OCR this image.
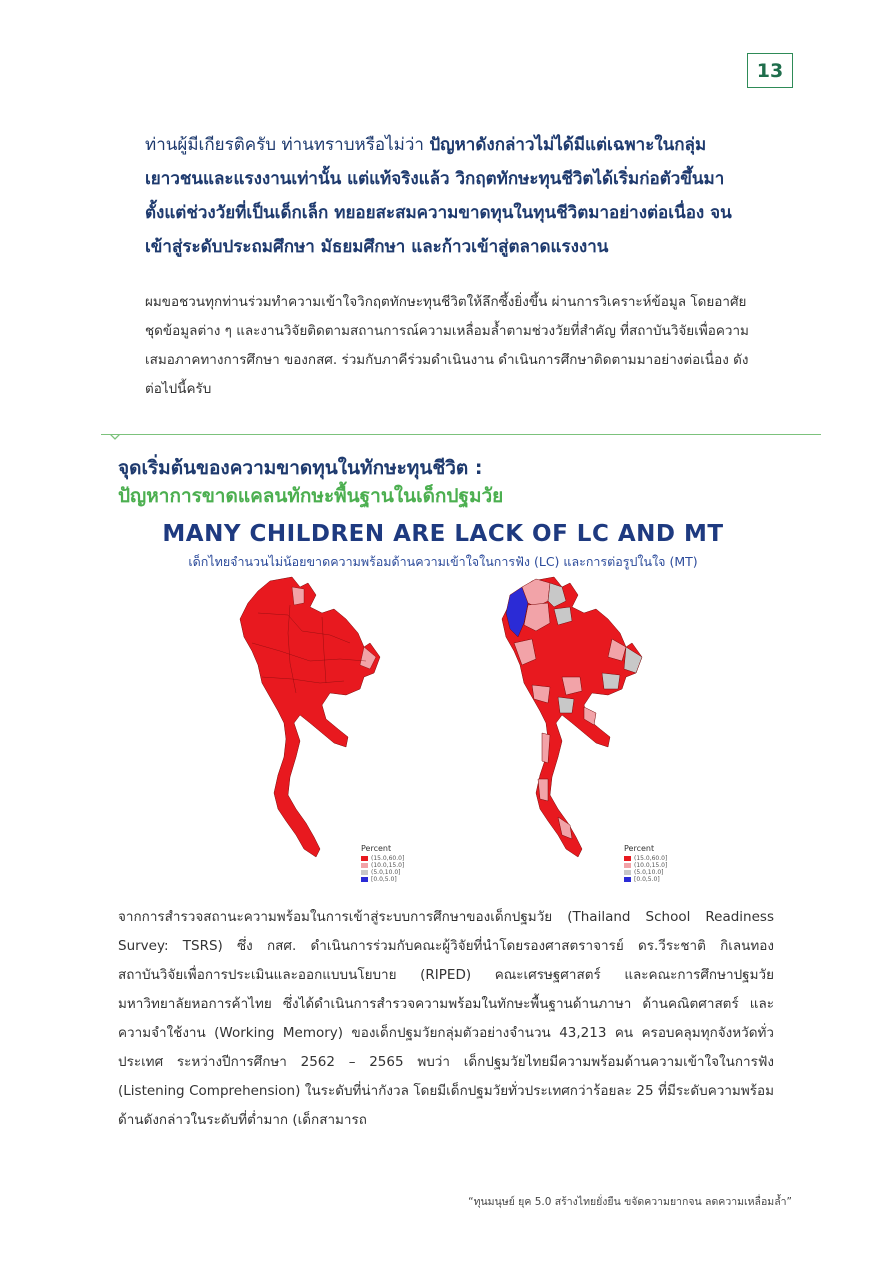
13
ท่านผู้มีเกียรติครับ ท่านทราบหรือไม่ว่า ปัญหาดังกล่าวไม่ได้มีแต่เฉพาะในกลุ่มเยาวชนและแรงงานเท่านั้น แต่แท้จริงแล้ว วิกฤตทักษะทุนชีวิตได้เริ่มก่อตัวขึ้นมาตั้งแต่ช่วงวัยที่เป็นเด็กเล็ก ทยอยสะสมความขาดทุนในทุนชีวิตมาอย่างต่อเนื่อง จนเข้าสู่ระดับประถมศึกษา มัธยมศึกษา และก้าวเข้าสู่ตลาดแรงงาน
ผมขอชวนทุกท่านร่วมทำความเข้าใจวิกฤตทักษะทุนชีวิตให้ลึกซึ้งยิ่งขึ้น ผ่านการวิเคราะห์ข้อมูล โดยอาศัยชุดข้อมูลต่าง ๆ และงานวิจัยติดตามสถานการณ์ความเหลื่อมล้ำตามช่วงวัยที่สำคัญ ที่สถาบันวิจัยเพื่อความเสมอภาคทางการศึกษา ของกสศ. ร่วมกับภาคีร่วมดำเนินงาน ดำเนินการศึกษาติดตามมาอย่างต่อเนื่อง ดังต่อไปนี้ครับ
จุดเริ่มต้นของความขาดทุนในทักษะทุนชีวิต :
ปัญหาการขาดแคลนทักษะพื้นฐานในเด็กปฐมวัย
MANY CHILDREN ARE LACK OF LC AND MT
เด็กไทยจำนวนไม่น้อยขาดความพร้อมด้านความเข้าใจในการฟัง (LC) และการต่อรูปในใจ (MT)
Percent
(15.0,60.0]
(10.0,15.0]
(5.0,10.0]
[0.0,5.0]
Percent
(15.0,60.0]
(10.0,15.0]
(5.0,10.0]
[0.0,5.0]
จากการสำรวจสถานะความพร้อมในการเข้าสู่ระบบการศึกษาของเด็กปฐมวัย (Thailand School Readiness Survey: TSRS) ซึ่ง กสศ. ดำเนินการร่วมกับคณะผู้วิจัยที่นำโดยรองศาสตราจารย์ ดร.วีระชาติ กิเลนทอง สถาบันวิจัยเพื่อการประเมินและออกแบบนโยบาย (RIPED) คณะเศรษฐศาสตร์ และคณะการศึกษาปฐมวัย มหาวิทยาลัยหอการค้าไทย ซึ่งได้ดำเนินการสำรวจความพร้อมในทักษะพื้นฐานด้านภาษา ด้านคณิตศาสตร์ และความจำใช้งาน (Working Memory) ของเด็กปฐมวัยกลุ่มตัวอย่างจำนวน 43,213 คน ครอบคลุมทุกจังหวัดทั่วประเทศ ระหว่างปีการศึกษา 2562 – 2565 พบว่า เด็กปฐมวัยไทยมีความพร้อมด้านความเข้าใจในการฟัง (Listening Comprehension) ในระดับที่น่ากังวล โดยมีเด็กปฐมวัยทั่วประเทศกว่าร้อยละ 25 ที่มีระดับความพร้อมด้านดังกล่าวในระดับที่ต่ำมาก (เด็กสามารถ
“ทุนมนุษย์ ยุค 5.0 สร้างไทยยั่งยืน ขจัดความยากจน ลดความเหลื่อมล้ำ”
